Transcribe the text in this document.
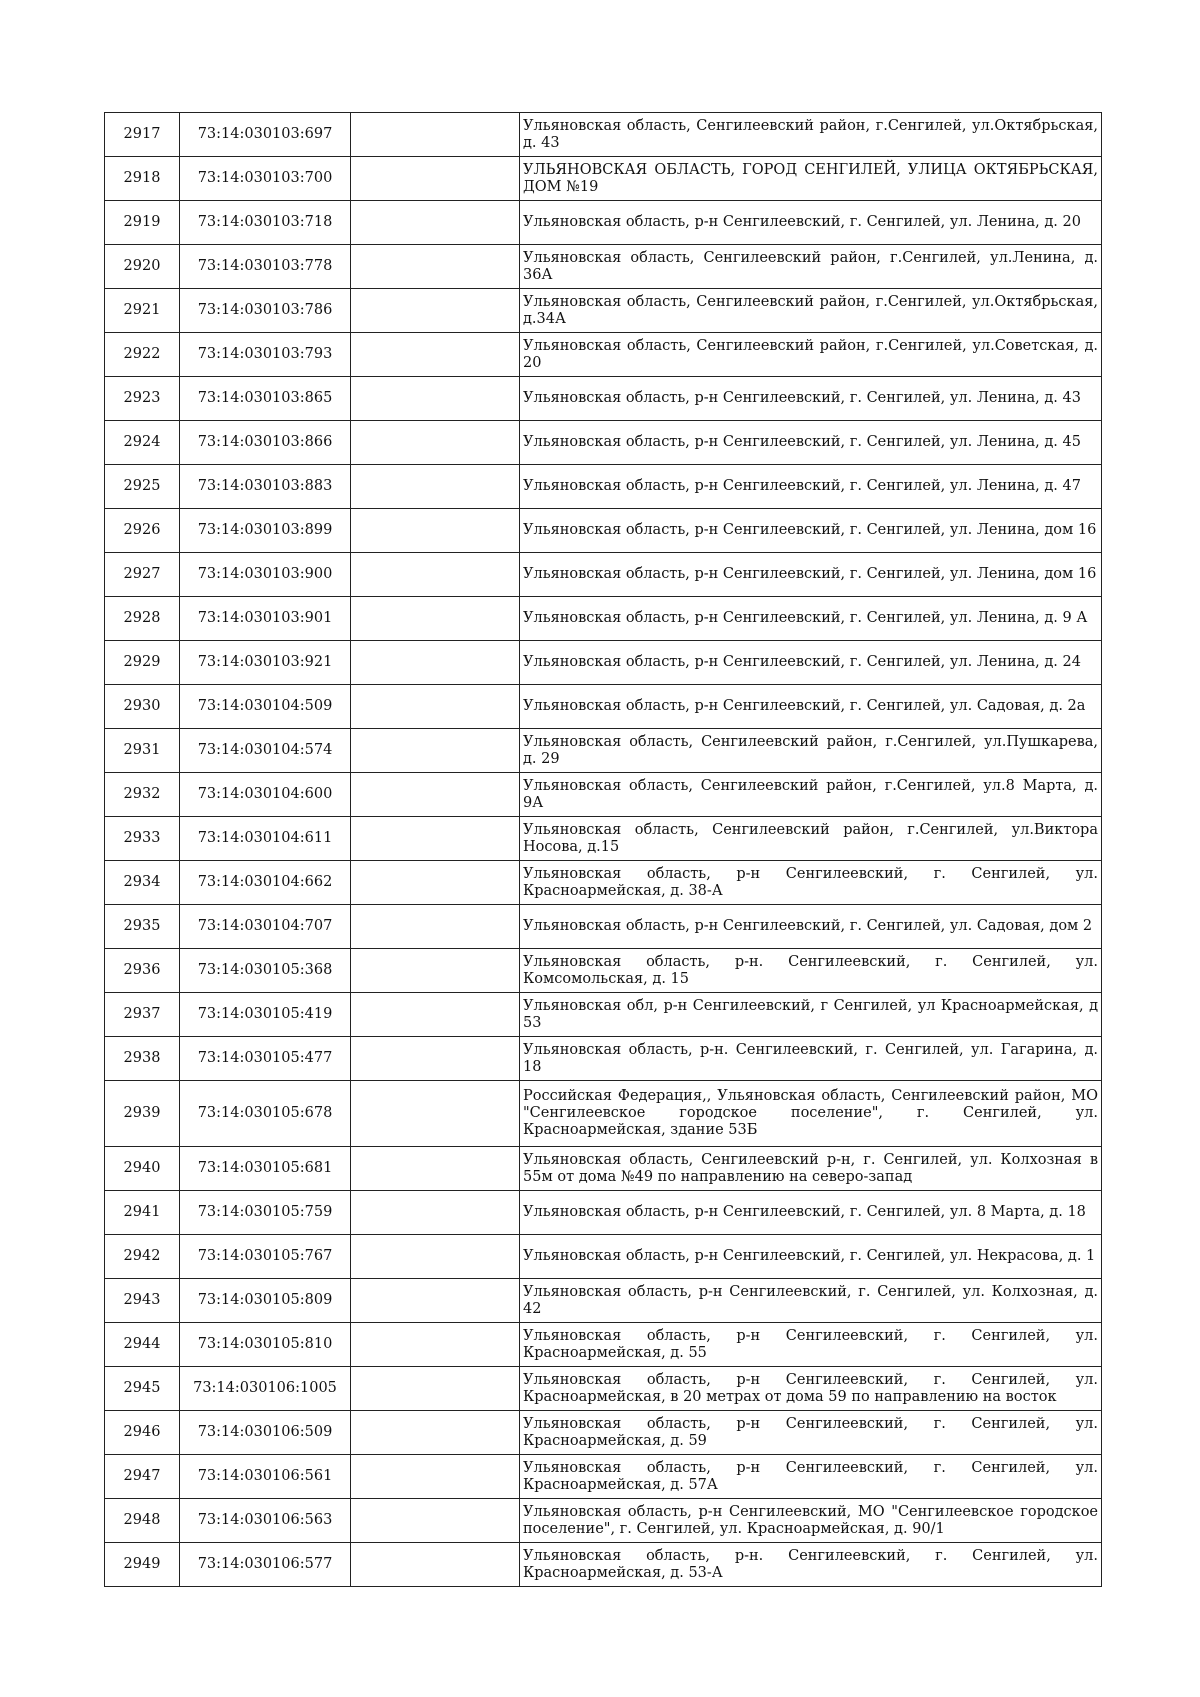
2917	73:14:030103:697		Ульяновская область, Сенгилеевский район, г.Сенгилей, ул.Октябрьская, д. 43
2918	73:14:030103:700		УЛЬЯНОВСКАЯ ОБЛАСТЬ, ГОРОД СЕНГИЛЕЙ, УЛИЦА ОКТЯБРЬСКАЯ, ДОМ №19
2919	73:14:030103:718		Ульяновская область, р-н Сенгилеевский, г. Сенгилей, ул. Ленина, д. 20
2920	73:14:030103:778		Ульяновская область, Сенгилеевский район, г.Сенгилей, ул.Ленина, д. 36А
2921	73:14:030103:786		Ульяновская область, Сенгилеевский район, г.Сенгилей, ул.Октябрьская, д.34А
2922	73:14:030103:793		Ульяновская область, Сенгилеевский район, г.Сенгилей, ул.Советская, д. 20
2923	73:14:030103:865		Ульяновская область, р-н Сенгилеевский, г. Сенгилей, ул. Ленина, д. 43
2924	73:14:030103:866		Ульяновская область, р-н Сенгилеевский, г. Сенгилей, ул. Ленина, д. 45
2925	73:14:030103:883		Ульяновская область, р-н Сенгилеевский, г. Сенгилей, ул. Ленина, д. 47
2926	73:14:030103:899		Ульяновская область, р-н Сенгилеевский, г. Сенгилей, ул. Ленина, дом 16
2927	73:14:030103:900		Ульяновская область, р-н Сенгилеевский, г. Сенгилей, ул. Ленина, дом 16
2928	73:14:030103:901		Ульяновская область, р-н Сенгилеевский, г. Сенгилей, ул. Ленина, д. 9 А
2929	73:14:030103:921		Ульяновская область, р-н Сенгилеевский, г. Сенгилей, ул. Ленина, д. 24
2930	73:14:030104:509		Ульяновская область, р-н Сенгилеевский, г. Сенгилей, ул. Садовая, д. 2а
2931	73:14:030104:574		Ульяновская область, Сенгилеевский район, г.Сенгилей, ул.Пушкарева, д. 29
2932	73:14:030104:600		Ульяновская область, Сенгилеевский район, г.Сенгилей, ул.8 Марта, д. 9А
2933	73:14:030104:611		Ульяновская область, Сенгилеевский район, г.Сенгилей, ул.Виктора Носова, д.15
2934	73:14:030104:662		Ульяновская область, р-н Сенгилеевский, г. Сенгилей, ул. Красноармейская, д. 38-А
2935	73:14:030104:707		Ульяновская область, р-н Сенгилеевский, г. Сенгилей, ул. Садовая, дом 2
2936	73:14:030105:368		Ульяновская область, р-н. Сенгилеевский, г. Сенгилей, ул. Комсомольская, д. 15
2937	73:14:030105:419		Ульяновская обл, р-н Сенгилеевский, г Сенгилей, ул Красноармейская, д 53
2938	73:14:030105:477		Ульяновская область, р-н. Сенгилеевский, г. Сенгилей, ул. Гагарина, д. 18
2939	73:14:030105:678		Российская Федерация,, Ульяновская область, Сенгилеевский район, МО "Сенгилеевское городское поселение", г. Сенгилей, ул. Красноармейская, здание 53Б
2940	73:14:030105:681		Ульяновская область, Сенгилеевский р-н, г. Сенгилей, ул. Колхозная в 55м от дома №49 по направлению на северо-запад
2941	73:14:030105:759		Ульяновская область, р-н Сенгилеевский, г. Сенгилей, ул. 8 Марта, д. 18
2942	73:14:030105:767		Ульяновская область, р-н Сенгилеевский, г. Сенгилей, ул. Некрасова, д. 1
2943	73:14:030105:809		Ульяновская область, р-н Сенгилеевский, г. Сенгилей, ул. Колхозная, д. 42
2944	73:14:030105:810		Ульяновская область, р-н Сенгилеевский, г. Сенгилей, ул. Красноармейская, д. 55
2945	73:14:030106:1005		Ульяновская область, р-н Сенгилеевский, г. Сенгилей, ул. Красноармейская, в 20 метрах от дома 59 по направлению на восток
2946	73:14:030106:509		Ульяновская область, р-н Сенгилеевский, г. Сенгилей, ул. Красноармейская, д. 59
2947	73:14:030106:561		Ульяновская область, р-н Сенгилеевский, г. Сенгилей, ул. Красноармейская, д. 57А
2948	73:14:030106:563		Ульяновская область, р-н Сенгилеевский, МО "Сенгилеевское городское поселение", г. Сенгилей, ул. Красноармейская, д. 90/1
2949	73:14:030106:577		Ульяновская область, р-н. Сенгилеевский, г. Сенгилей, ул. Красноармейская, д. 53-А
